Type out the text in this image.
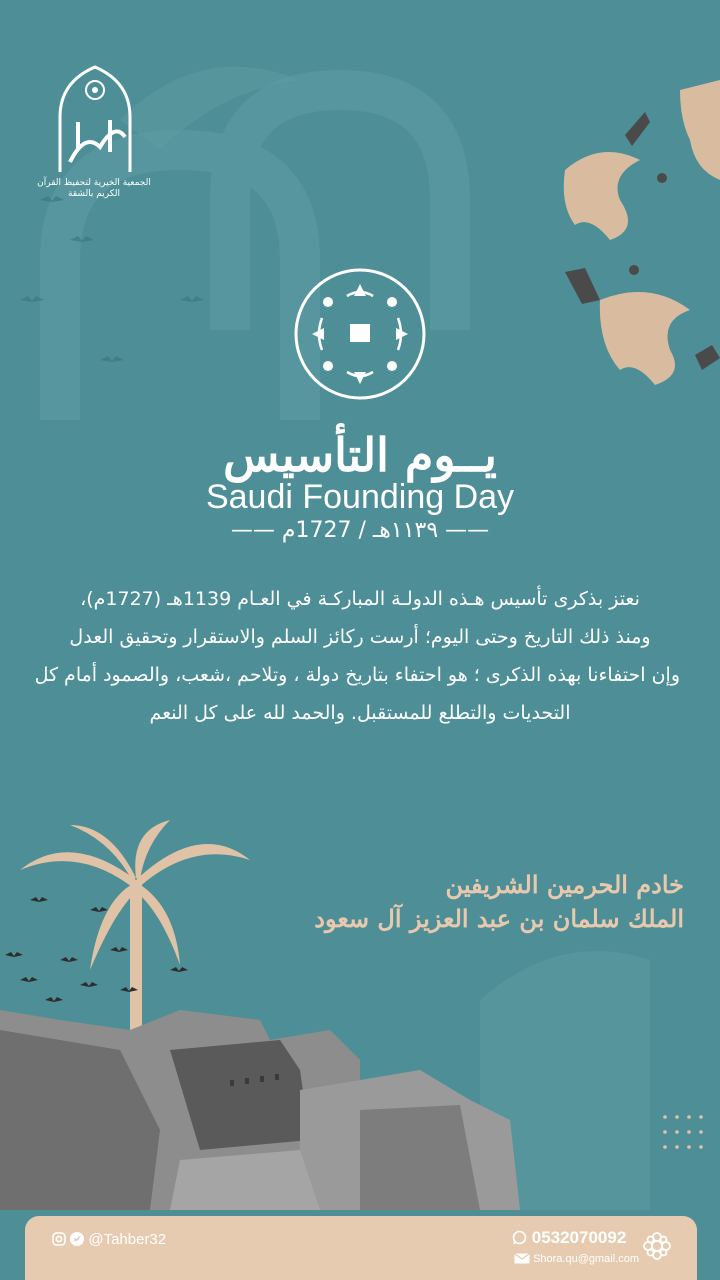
الجمعية الخيرية لتحفيظ القرآن الكريم بالشقة
يــوم التأسيس
Saudi Founding Day
—— ١١٣٩هـ / 1727م ——
نعتز بذكرى تأسيس هـذه الدولـة المباركـة في العـام 1139هـ (1727م)،
ومنذ ذلك التاريخ وحتى اليوم؛ أرست ركائز السلم والاستقرار وتحقيق العدل
وإن احتفاءنا بهذه الذكرى ؛ هو احتفاء بتاريخ دولة ، وتلاحم ،شعب، والصمود أمام كل
التحديات والتطلع للمستقبل. والحمد لله على كل النعم
خادم الحرمين الشريفين
الملك سلمان بن عبد العزيز آل سعود
@Tahber32	0532070092
Shora.qu@gmail.com
